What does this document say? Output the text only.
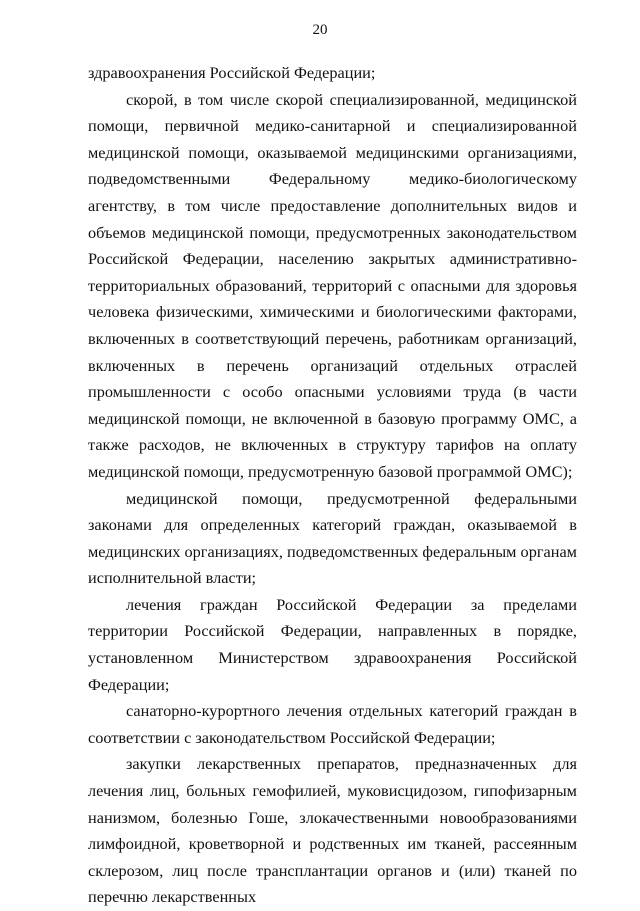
20

здравоохранения Российской Федерации;

скорой, в том числе скорой специализированной, медицинской помощи, первичной медико-санитарной и специализированной медицинской помощи, оказываемой медицинскими организациями, подведомственными Федеральному медико-биологическому агентству, в том числе предоставление дополнительных видов и объемов медицинской помощи, предусмотренных законодательством Российской Федерации, населению закрытых административно-территориальных образований, территорий с опасными для здоровья человека физическими, химическими и биологическими факторами, включенных в соответствующий перечень, работникам организаций, включенных в перечень организаций отдельных отраслей промышленности с особо опасными условиями труда (в части медицинской помощи, не включенной в базовую программу ОМС, а также расходов, не включенных в структуру тарифов на оплату медицинской помощи, предусмотренную базовой программой ОМС);

медицинской помощи, предусмотренной федеральными законами для определенных категорий граждан, оказываемой в медицинских организациях, подведомственных федеральным органам исполнительной власти;

лечения граждан Российской Федерации за пределами территории Российской Федерации, направленных в порядке, установленном Министерством здравоохранения Российской Федерации;

санаторно-курортного лечения отдельных категорий граждан в соответствии с законодательством Российской Федерации;

закупки лекарственных препаратов, предназначенных для лечения лиц, больных гемофилией, муковисцидозом, гипофизарным нанизмом, болезнью Гоше, злокачественными новообразованиями лимфоидной, кроветворной и родственных им тканей, рассеянным склерозом, лиц после трансплантации органов и (или) тканей по перечню лекарственных
